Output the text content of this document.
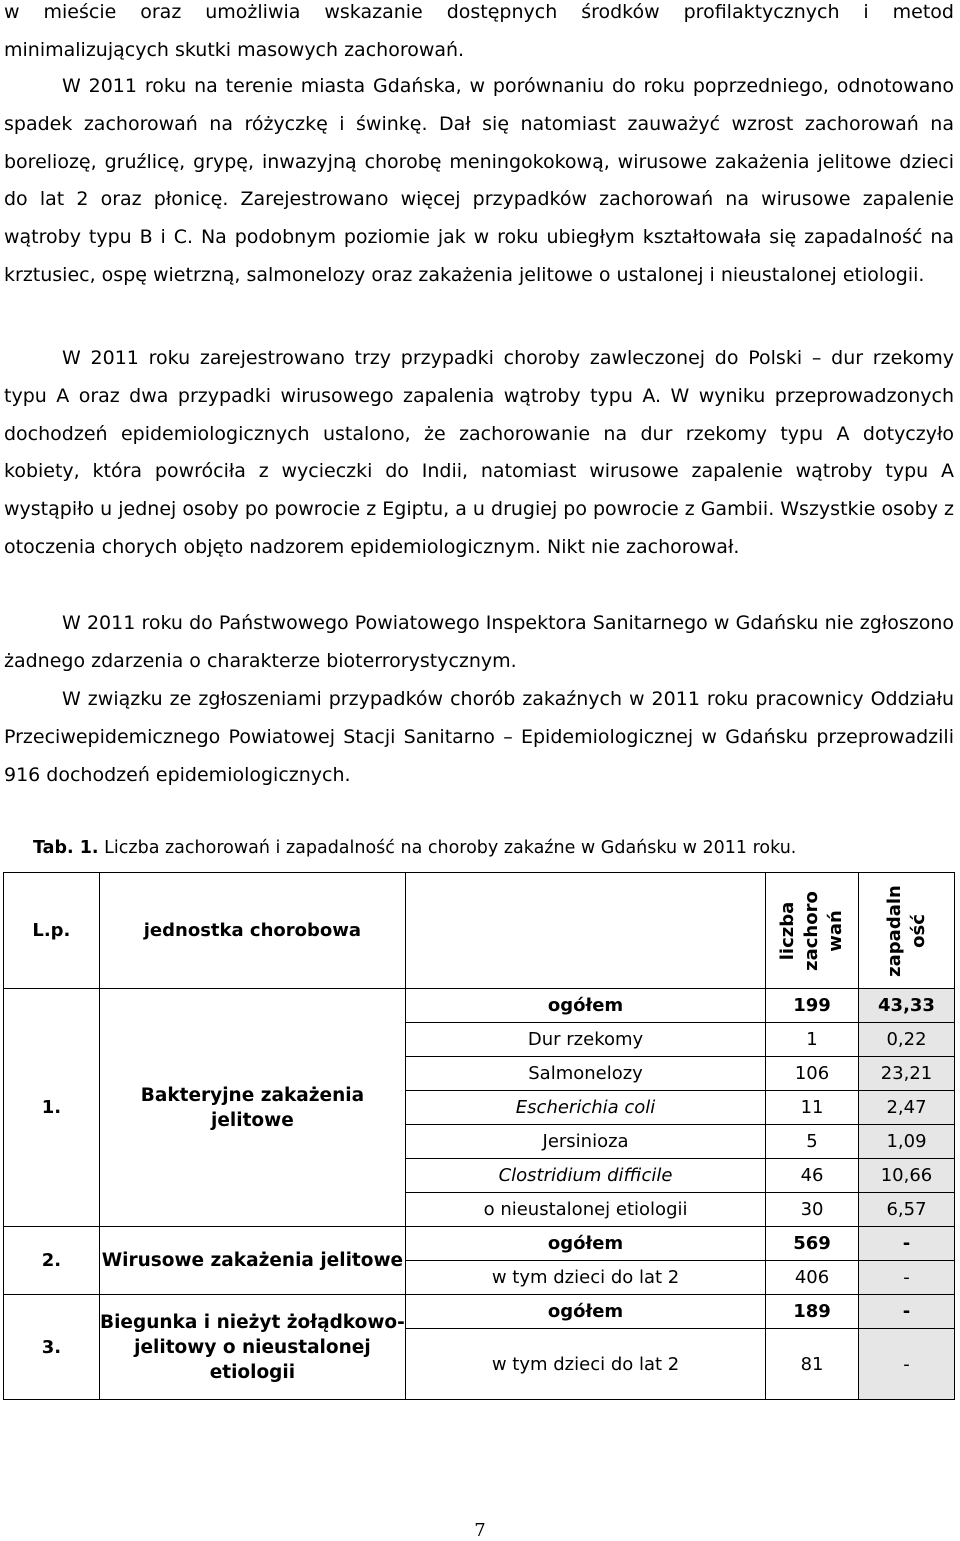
w mieście oraz umożliwia wskazanie dostępnych środków profilaktycznych i metod minimalizujących skutki masowych zachorowań.

W 2011 roku na terenie miasta Gdańska, w porównaniu do roku poprzedniego, odnotowano spadek zachorowań na różyczkę i świnkę. Dał się natomiast zauważyć wzrost zachorowań na boreliozę, gruźlicę, grypę, inwazyjną chorobę meningokokową, wirusowe zakażenia jelitowe dzieci do lat 2 oraz płonicę. Zarejestrowano więcej przypadków zachorowań na wirusowe zapalenie wątroby typu B i C. Na podobnym poziomie jak w roku ubiegłym kształtowała się zapadalność na krztusiec, ospę wietrzną, salmonelozy oraz zakażenia jelitowe o ustalonej i nieustalonej etiologii.

W 2011 roku zarejestrowano trzy przypadki choroby zawleczonej do Polski – dur rzekomy typu A oraz dwa przypadki wirusowego zapalenia wątroby typu A. W wyniku przeprowadzonych dochodzeń epidemiologicznych ustalono, że zachorowanie na dur rzekomy typu A dotyczyło kobiety, która powróciła z wycieczki do Indii, natomiast wirusowe zapalenie wątroby typu A wystąpiło u jednej osoby po powrocie z Egiptu, a u drugiej po powrocie z Gambii. Wszystkie osoby z otoczenia chorych objęto nadzorem epidemiologicznym. Nikt nie zachorował.

W 2011 roku do Państwowego Powiatowego Inspektora Sanitarnego w Gdańsku nie zgłoszono żadnego zdarzenia o charakterze bioterrorystycznym.

W związku ze zgłoszeniami przypadków chorób zakaźnych w 2011 roku pracownicy Oddziału Przeciwepidemicznego Powiatowej Stacji Sanitarno – Epidemiologicznej w Gdańsku przeprowadzili 916 dochodzeń epidemiologicznych.

Tab. 1. Liczba zachorowań i zapadalność na choroby zakaźne w Gdańsku w 2011 roku.
L.p.	jednostka chorobowa		liczba zachoro wań	zapadaln ość
1.	Bakteryjne zakażenia jelitowe	ogółem	199	43,33
		Dur rzekomy	1	0,22
		Salmonelozy	106	23,21
		Escherichia coli	11	2,47
		Jersinioza	5	1,09
		Clostridium difficile	46	10,66
		o nieustalonej etiologii	30	6,57
2.	Wirusowe zakażenia jelitowe	ogółem	569	-
		w tym dzieci do lat 2	406	-
3.	Biegunka i nieżyt żołądkowo-jelitowy o nieustalonej etiologii	ogółem	189	-
		w tym dzieci do lat 2	81	-
7
